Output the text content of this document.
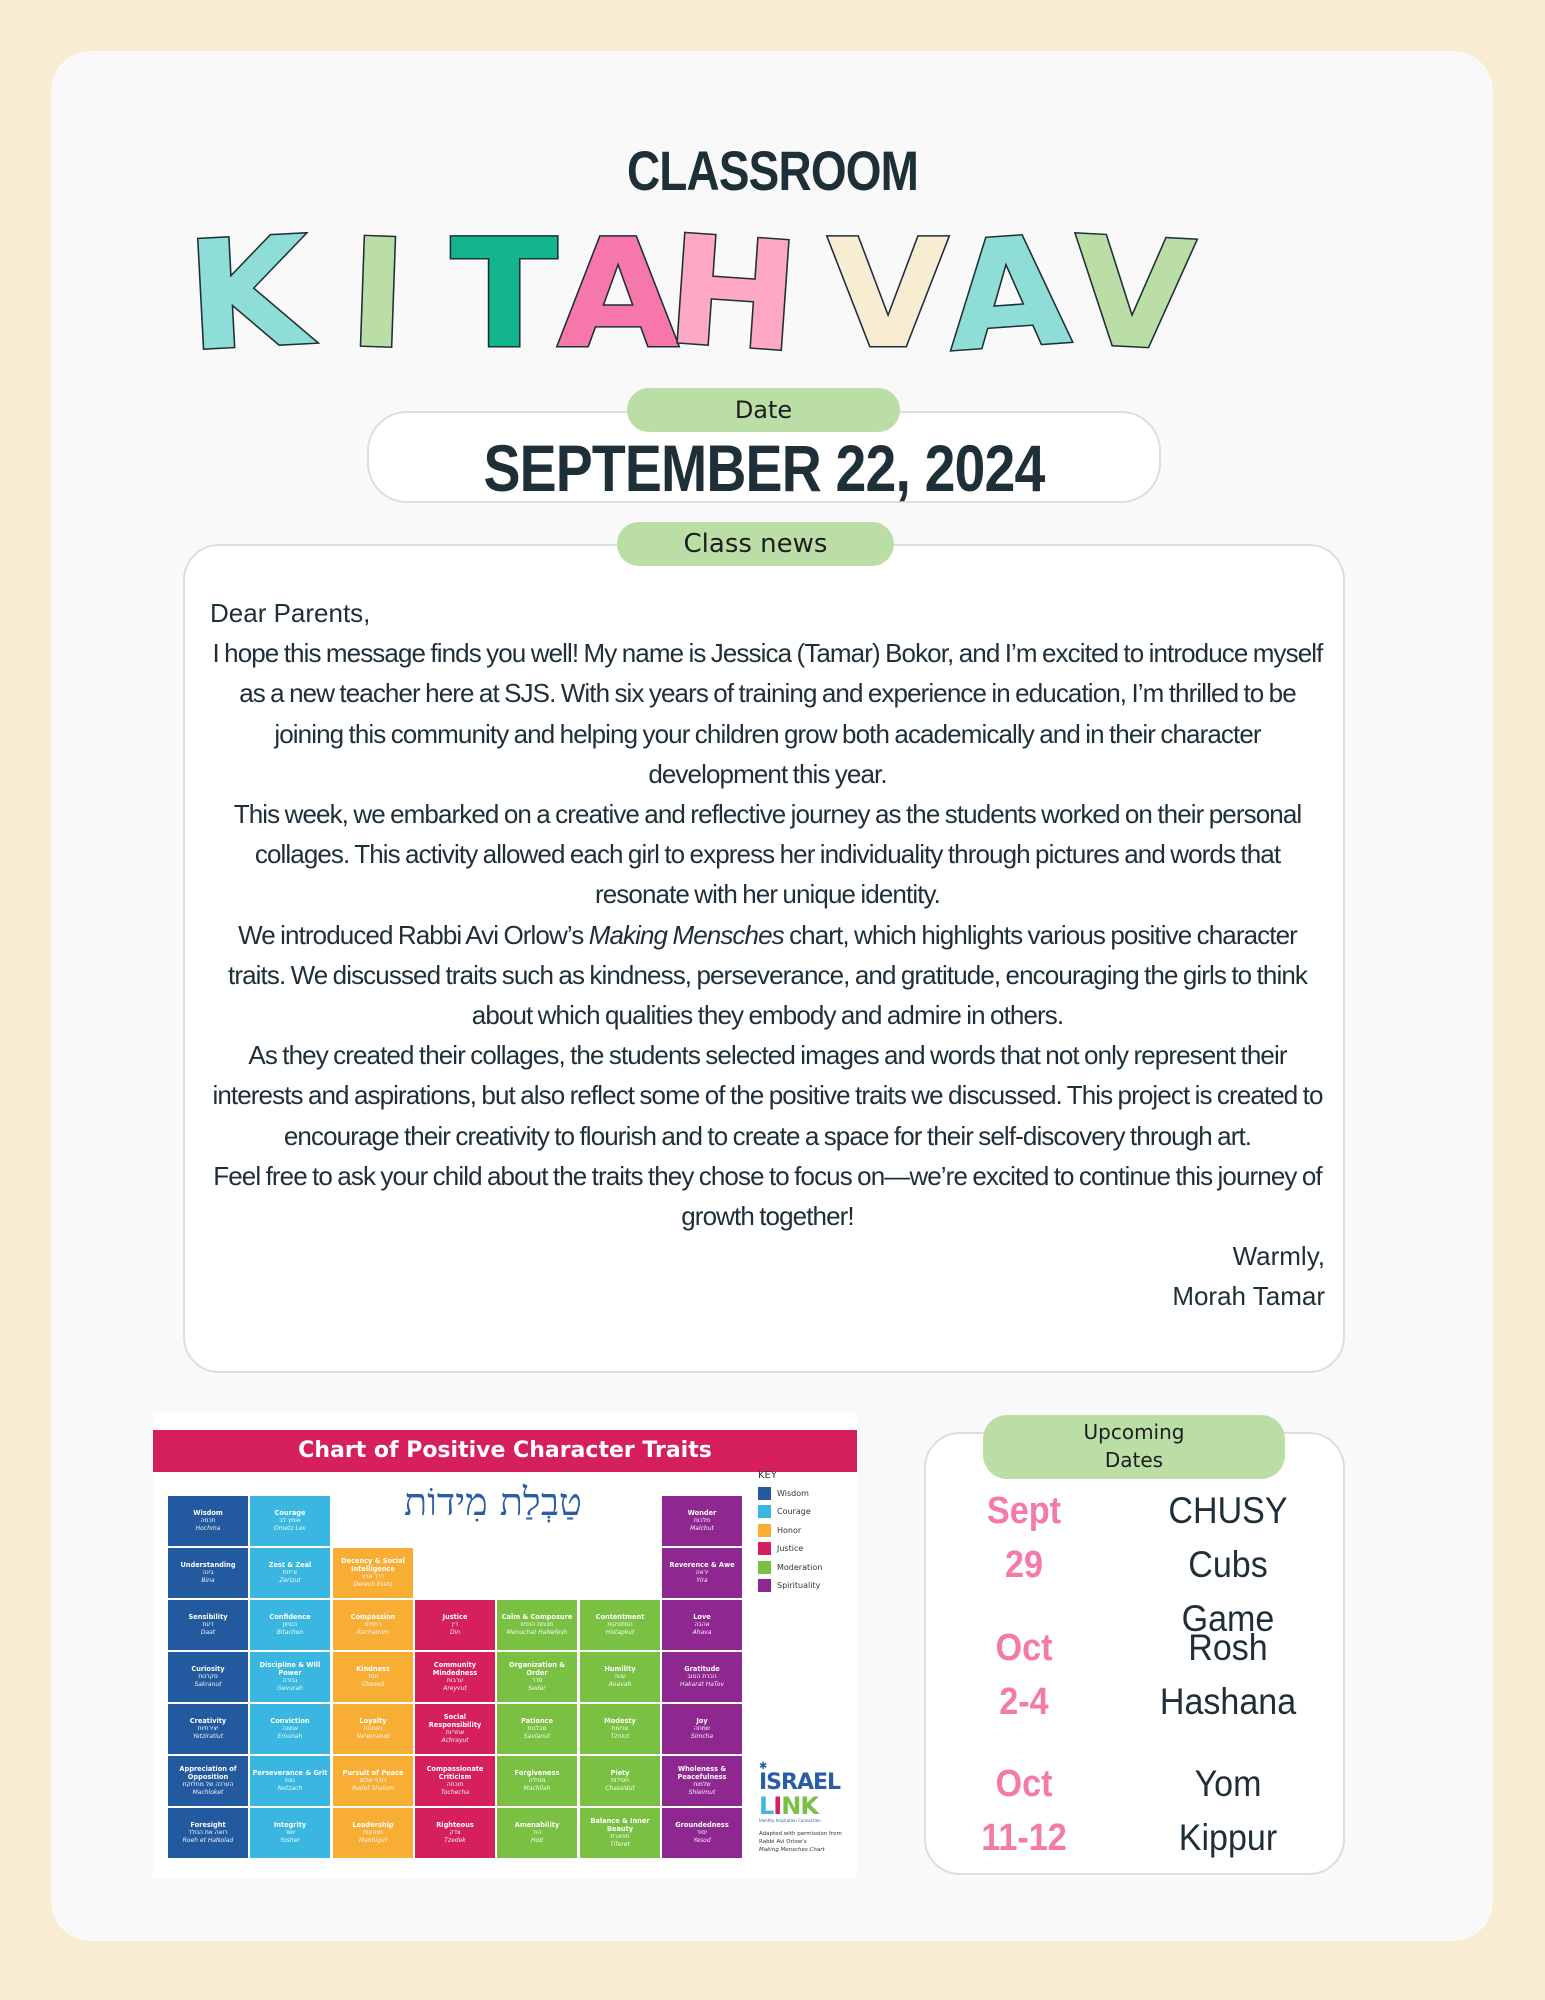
CLASSROOM
K I T A
H V
A
V
Date
SEPTEMBER 22, 2024
Class news
Dear Parents,

I hope this message finds you well! My name is Jessica (Tamar) Bokor, and I’m excited to introduce myself as a new teacher here at SJS. With six years of training and experience in education, I’m thrilled to be joining this community and helping your children grow both academically and in their character development this year.

This week, we embarked on a creative and reflective journey as the students worked on their personal collages. This activity allowed each girl to express her individuality through pictures and words that resonate with her unique identity.

We introduced Rabbi Avi Orlow’s Making Mensches chart, which highlights various positive character traits. We discussed traits such as kindness, perseverance, and gratitude, encouraging the girls to think about which qualities they embody and admire in others.

As they created their collages, the students selected images and words that not only represent their interests and aspirations, but also reflect some of the positive traits we discussed. This project is created to encourage their creativity to flourish and to create a space for their self-discovery through art.

Feel free to ask your child about the traits they chose to focus on—we’re excited to continue this journey of growth together!

Warmly,
Morah Tamar
Chart of Positive Character Traits
טַבְלַת מִידוֹת
KEY
Wisdom
Courage
Honor
Justice
Moderation
Spirituality
✱
ISRAEL
LINK
Identity Inspiration Connection
Adapted with permission from Rabbi Avi Orlow's
Making Mensches Chart
Wisdom
חכמה
Hochma
Understanding
בינה
Bina
Sensibility
דעת
Daat
Curiosity
סקרנות
Sakranut
Creativity
יצירתיות
Yetziratiut
Appreciation of Opposition
הערכה של מחלוקת
Machloket
Foresight
רואה את הנולד
Roeh et HaNolad
Courage
אומץ לב
Ometz Lev
Zest & Zeal
זריזות
Zerizut
Confidence
בטחון
Bitachon
Discipline & Will Power
גבורה
Gevurah
Conviction
אמונה
Emunah
Perseverance & Grit
נצח
Netzach
Integrity
יושר
Yosher
Decency & Social Intelligence
דרך ארץ
Derech Eretz
Compassion
רחמים
Rachamim
Kindness
חסד
Chesed
Loyalty
נאמנות
Ne'emanut
Pursuit of Peace
רודף שלום
Rodef Shalom
Leadership
מנהיגות
Manhigut
Justice
דין
Din
Community Mindedness
ערבות
Areyvut
Social Responsibility
אחריות
Achrayut
Compassionate Criticism
תוכחה
Tochecha
Righteous
צדק
Tzedek
Calm & Composure
מנוחת הנפש
Menuchat HaNefesh
Organization & Order
סדר
Seder
Patience
סבלנות
Savlanut
Forgiveness
מחילה
Machilah
Amenability
הוד
Hod
Contentment
הסתפקות
Histapkut
Humility
ענוה
Anavah
Modesty
צניעות
Tzniut
Piety
חסידות
Chassidut
Balance & Inner Beauty
תפארת
Tiferet
Wonder
מלכות
Malchut
Reverence & Awe
יראה
Yira
Love
אהבה
Ahava
Gratitude
הכרת הטוב
Hakarat HaTov
Joy
שמחה
Simcha
Wholeness & Peacefulness
שלמות
Shleimut
Groundedness
יסוד
Yesod
Upcoming
Dates
Sept
29
CHUSY Cubs
Game
Oct
2-4
Rosh
Hashana
Oct
11-12
Yom
Kippur
